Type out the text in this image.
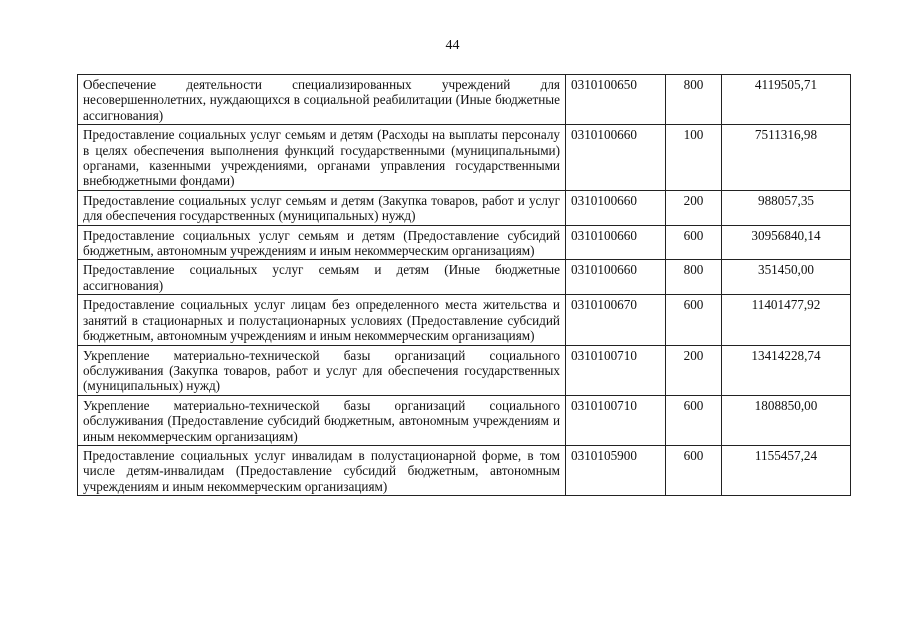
44
Обеспечение деятельности специализированных учреждений для несовершеннолетних, нуждающихся в социальной реабилитации (Иные бюджетные ассигнования)	0310100650	800	4119505,71
Предоставление социальных услуг семьям и детям (Расходы на выплаты персоналу в целях обеспечения выполнения функций государственными (муниципальными) органами, казенными учреждениями, органами управления государственными внебюджетными фондами)	0310100660	100	7511316,98
Предоставление социальных услуг семьям и детям (Закупка товаров, работ и услуг для обеспечения государственных (муниципальных) нужд)	0310100660	200	988057,35
Предоставление социальных услуг семьям и детям (Предоставление субсидий бюджетным, автономным учреждениям и иным некоммерческим организациям)	0310100660	600	30956840,14
Предоставление социальных услуг семьям и детям (Иные бюджетные ассигнования)	0310100660	800	351450,00
Предоставление социальных услуг лицам без определенного места жительства и занятий в стационарных и полустационарных условиях (Предоставление субсидий бюджетным, автономным учреждениям и иным некоммерческим организациям)	0310100670	600	11401477,92
Укрепление материально-технической базы организаций социального обслуживания (Закупка товаров, работ и услуг для обеспечения государственных (муниципальных) нужд)	0310100710	200	13414228,74
Укрепление материально-технической базы организаций социального обслуживания (Предоставление субсидий бюджетным, автономным учреждениям и иным некоммерческим организациям)	0310100710	600	1808850,00
Предоставление социальных услуг инвалидам в полустационарной форме, в том числе детям-инвалидам (Предоставление субсидий бюджетным, автономным учреждениям и иным некоммерческим организациям)	0310105900	600	1155457,24
